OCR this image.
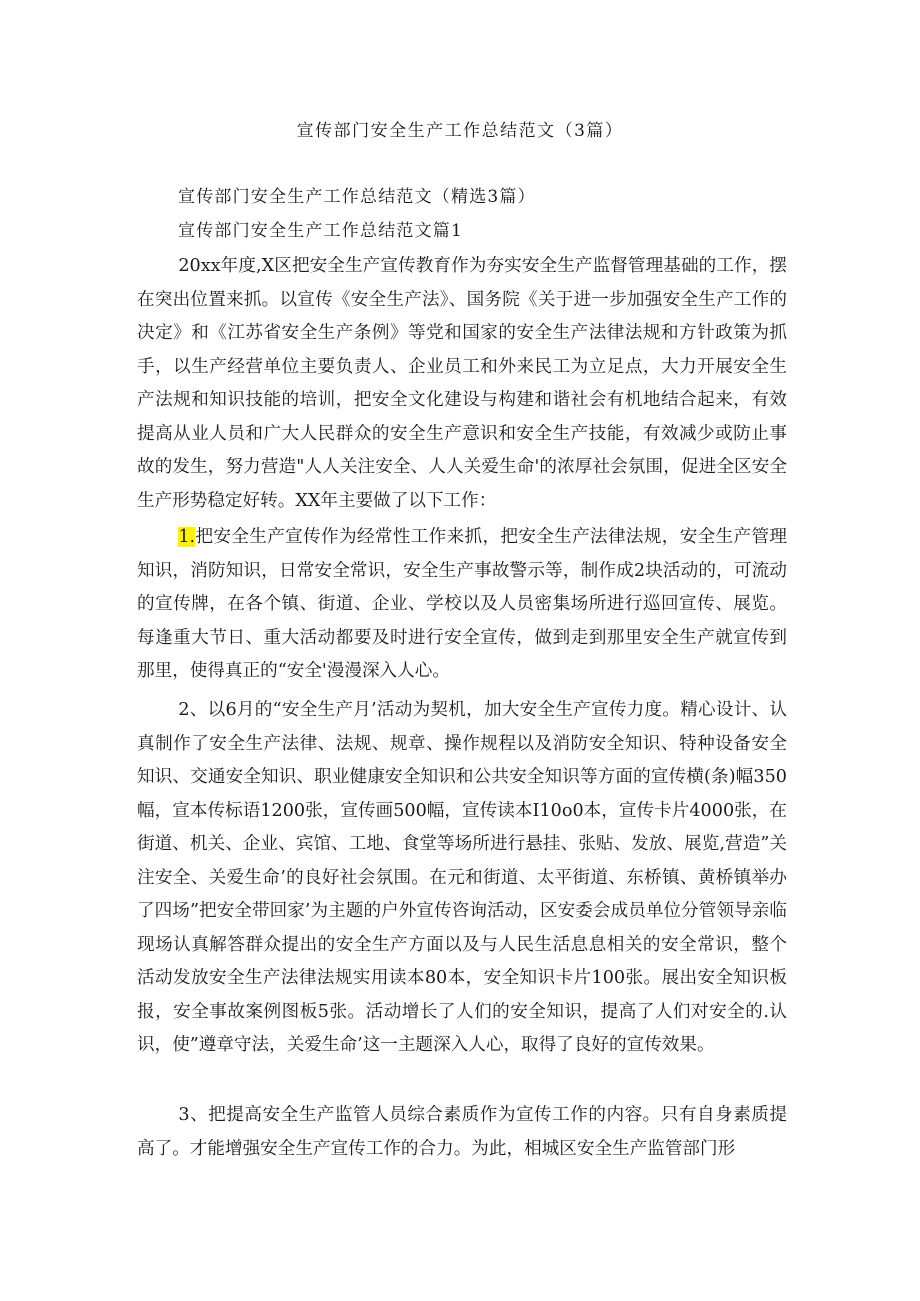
宣传部门安全生产工作总结范文（3篇）

宣传部门安全生产工作总结范文（精选3篇）

宣传部门安全生产工作总结范文篇1

20xx年度,X区把安全生产宣传教育作为夯实安全生产监督管理基础的工作，摆在突出位置来抓。以宣传《安全生产法》、国务院《关于进一步加强安全生产工作的决定》和《江苏省安全生产条例》等党和国家的安全生产法律法规和方针政策为抓手，以生产经营单位主要负责人、企业员工和外来民工为立足点，大力开展安全生产法规和知识技能的培训，把安全文化建设与构建和谐社会有机地结合起来，有效提高从业人员和广大人民群众的安全生产意识和安全生产技能，有效减少或防止事故的发生，努力营造"人人关注安全、人人关爱生命'的浓厚社会氛围，促进全区安全生产形势稳定好转。XX年主要做了以下工作：

1.把安全生产宣传作为经常性工作来抓，把安全生产法律法规，安全生产管理知识，消防知识，日常安全常识，安全生产事故警示等，制作成2块活动的，可流动的宣传牌，在各个镇、街道、企业、学校以及人员密集场所进行巡回宣传、展览。每逢重大节日、重大活动都要及时进行安全宣传，做到走到那里安全生产就宣传到那里，使得真正的“安全'漫漫深入人心。

2、以6月的“安全生产月’活动为契机，加大安全生产宣传力度。精心设计、认真制作了安全生产法律、法规、规章、操作规程以及消防安全知识、特种设备安全知识、交通安全知识、职业健康安全知识和公共安全知识等方面的宣传横(条)幅350幅，宣本传标语1200张，宣传画500幅，宣传读本I10o0本，宣传卡片4000张，在街道、机关、企业、宾馆、工地、食堂等场所进行悬挂、张贴、发放、展览,营造”关注安全、关爱生命’的良好社会氛围。在元和街道、太平街道、东桥镇、黄桥镇举办了四场”把安全带回家’为主题的户外宣传咨询活动，区安委会成员单位分管领导亲临现场认真解答群众提出的安全生产方面以及与人民生活息息相关的安全常识，整个活动发放安全生产法律法规实用读本80本，安全知识卡片100张。展出安全知识板报，安全事故案例图板5张。活动增长了人们的安全知识，提高了人们对安全的.认识，使”遵章守法，关爱生命’这一主题深入人心，取得了良好的宣传效果。

3、把提高安全生产监管人员综合素质作为宣传工作的内容。只有自身素质提高了。才能增强安全生产宣传工作的合力。为此，相城区安全生产监管部门形
